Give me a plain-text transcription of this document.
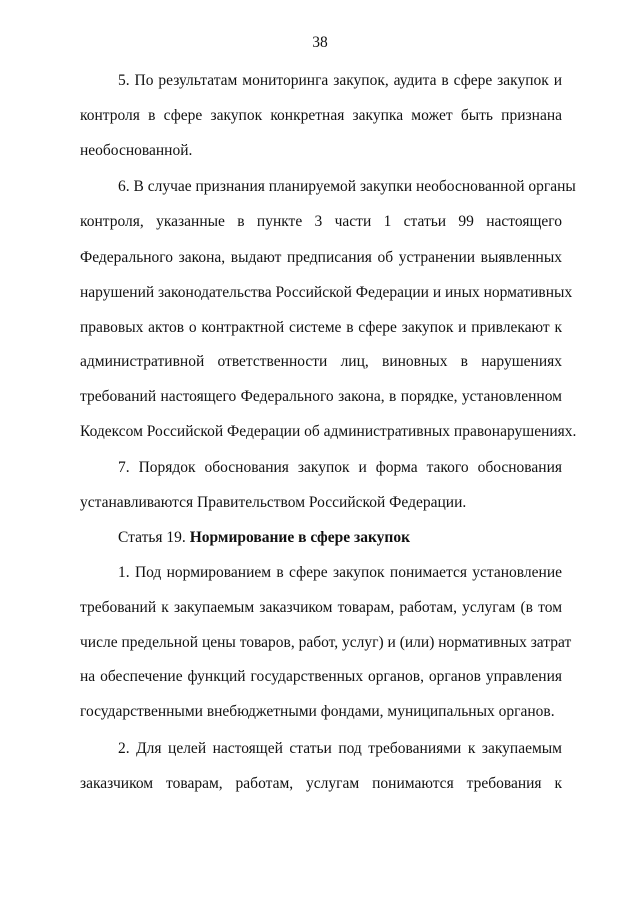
38
5. По результатам мониторинга закупок, аудита в сфере закупок и
контроля в сфере закупок конкретная закупка может быть признана
необоснованной.
6. В случае признания планируемой закупки необоснованной органы
контроля, указанные в пункте 3 части 1 статьи 99 настоящего
Федерального закона, выдают предписания об устранении выявленных
нарушений законодательства Российской Федерации и иных нормативных
правовых актов о контрактной системе в сфере закупок и привлекают к
административной ответственности лиц, виновных в нарушениях
требований настоящего Федерального закона, в порядке, установленном
Кодексом Российской Федерации об административных правонарушениях.
7. Порядок обоснования закупок и форма такого обоснования
устанавливаются Правительством Российской Федерации.
Статья 19. Нормирование в сфере закупок
1. Под нормированием в сфере закупок понимается установление
требований к закупаемым заказчиком товарам, работам, услугам (в том
числе предельной цены товаров, работ, услуг) и (или) нормативных затрат
на обеспечение функций государственных органов, органов управления
государственными внебюджетными фондами, муниципальных органов.
2. Для целей настоящей статьи под требованиями к закупаемым
заказчиком товарам, работам, услугам понимаются требования к
